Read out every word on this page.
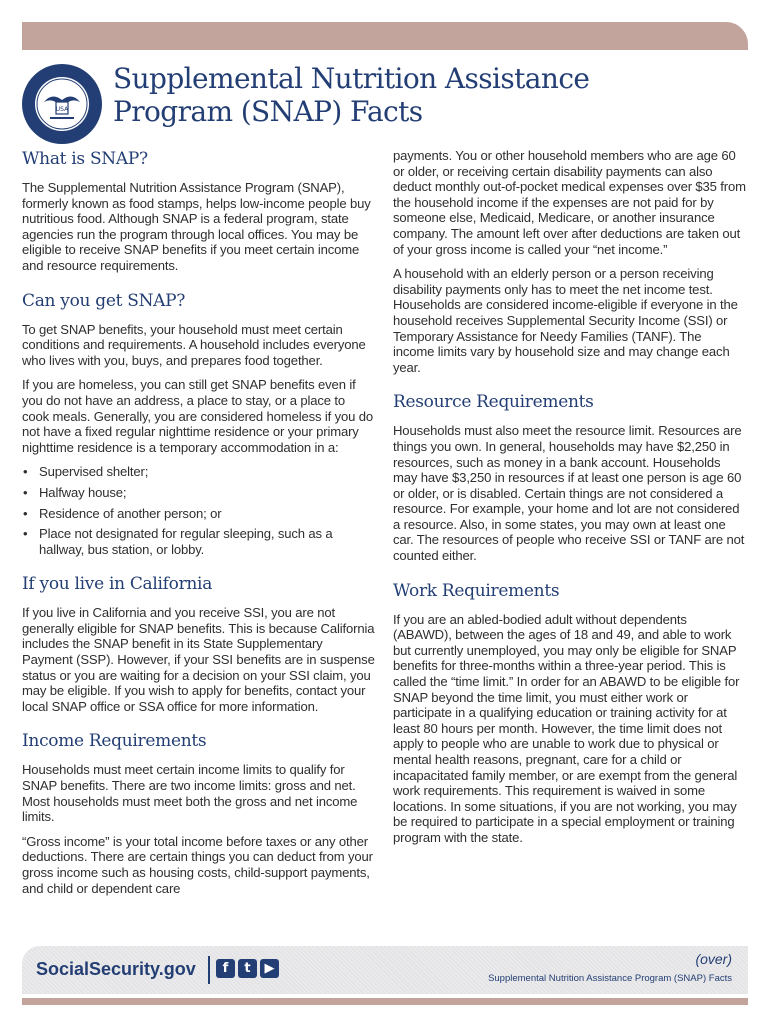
USA
Supplemental Nutrition Assistance Program (SNAP) Facts
What is SNAP?

The Supplemental Nutrition Assistance Program (SNAP), formerly known as food stamps, helps low-income people buy nutritious food. Although SNAP is a federal program, state agencies run the program through local offices. You may be eligible to receive SNAP benefits if you meet certain income and resource requirements.

Can you get SNAP?

To get SNAP benefits, your household must meet certain conditions and requirements. A household includes everyone who lives with you, buys, and prepares food together.

If you are homeless, you can still get SNAP benefits even if you do not have an address, a place to stay, or a place to cook meals. Generally, you are considered homeless if you do not have a fixed regular nighttime residence or your primary nighttime residence is a temporary accommodation in a:

• Supervised shelter;
• Halfway house;
• Residence of another person; or
• Place not designated for regular sleeping, such as a hallway, bus station, or lobby.
If you live in California

If you live in California and you receive SSI, you are not generally eligible for SNAP benefits. This is because California includes the SNAP benefit in its State Supplementary Payment (SSP). However, if your SSI benefits are in suspense status or you are waiting for a decision on your SSI claim, you may be eligible. If you wish to apply for benefits, contact your local SNAP office or SSA office for more information.

Income Requirements

Households must meet certain income limits to qualify for SNAP benefits. There are two income limits: gross and net. Most households must meet both the gross and net income limits.

“Gross income” is your total income before taxes or any other deductions. There are certain things you can deduct from your gross income such as housing costs, child-support payments, and child or dependent care

payments. You or other household members who are age 60 or older, or receiving certain disability payments can also deduct monthly out-of-pocket medical expenses over $35 from the household income if the expenses are not paid for by someone else, Medicaid, Medicare, or another insurance company. The amount left over after deductions are taken out of your gross income is called your “net income.”

A household with an elderly person or a person receiving disability payments only has to meet the net income test. Households are considered income-eligible if everyone in the household receives Supplemental Security Income (SSI) or Temporary Assistance for Needy Families (TANF). The income limits vary by household size and may change each year.

Resource Requirements

Households must also meet the resource limit. Resources are things you own. In general, households may have $2,250 in resources, such as money in a bank account. Households may have $3,250 in resources if at least one person is age 60 or older, or is disabled. Certain things are not considered a resource. For example, your home and lot are not considered a resource. Also, in some states, you may own at least one car. The resources of people who receive SSI or TANF are not counted either.

Work Requirements

If you are an abled-bodied adult without dependents (ABAWD), between the ages of 18 and 49, and able to work but currently unemployed, you may only be eligible for SNAP benefits for three-months within a three-year period. This is called the “time limit.” In order for an ABAWD to be eligible for SNAP beyond the time limit, you must either work or participate in a qualifying education or training activity for at least 80 hours per month. However, the time limit does not apply to people who are unable to work due to physical or mental health reasons, pregnant, care for a child or incapacitated family member, or are exempt from the general work requirements. This requirement is waived in some locations. In some situations, if you are not working, you may be required to participate in a special employment or training program with the state.

SocialSecurity.gov	f	t	▶
(over)
Supplemental Nutrition Assistance Program (SNAP) Facts
